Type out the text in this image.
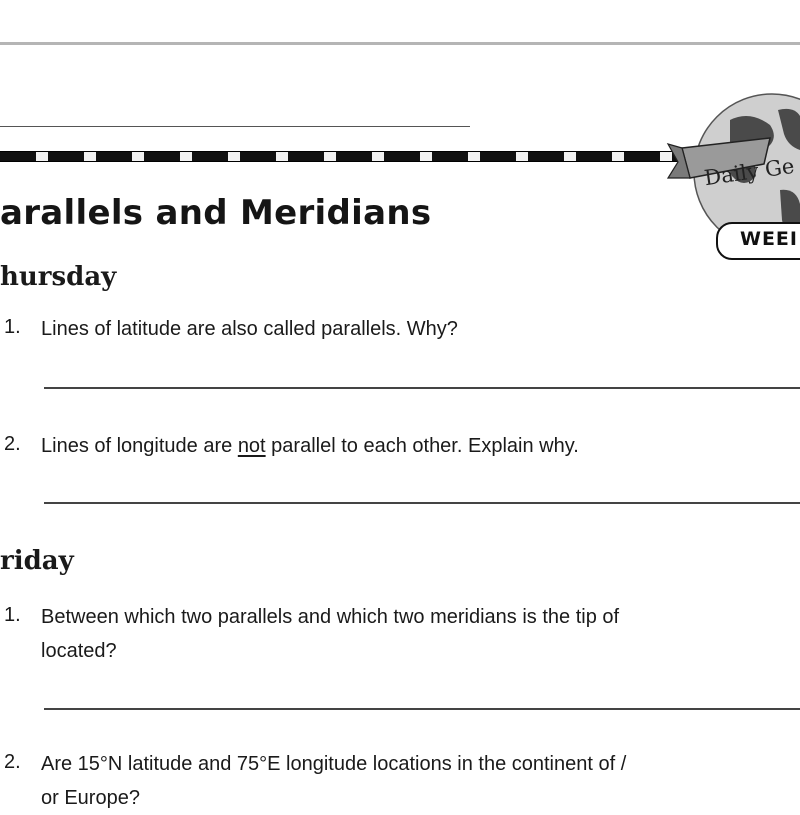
Daily Ge
WEEI
arallels and Meridians
hursday
1. Lines of latitude are also called parallels. Why?
2. Lines of longitude are not parallel to each other. Explain why.
riday
1. Between which two parallels and which two meridians is the tip of
located?
2. Are 15°N latitude and 75°E longitude locations in the continent of /
or Europe?
